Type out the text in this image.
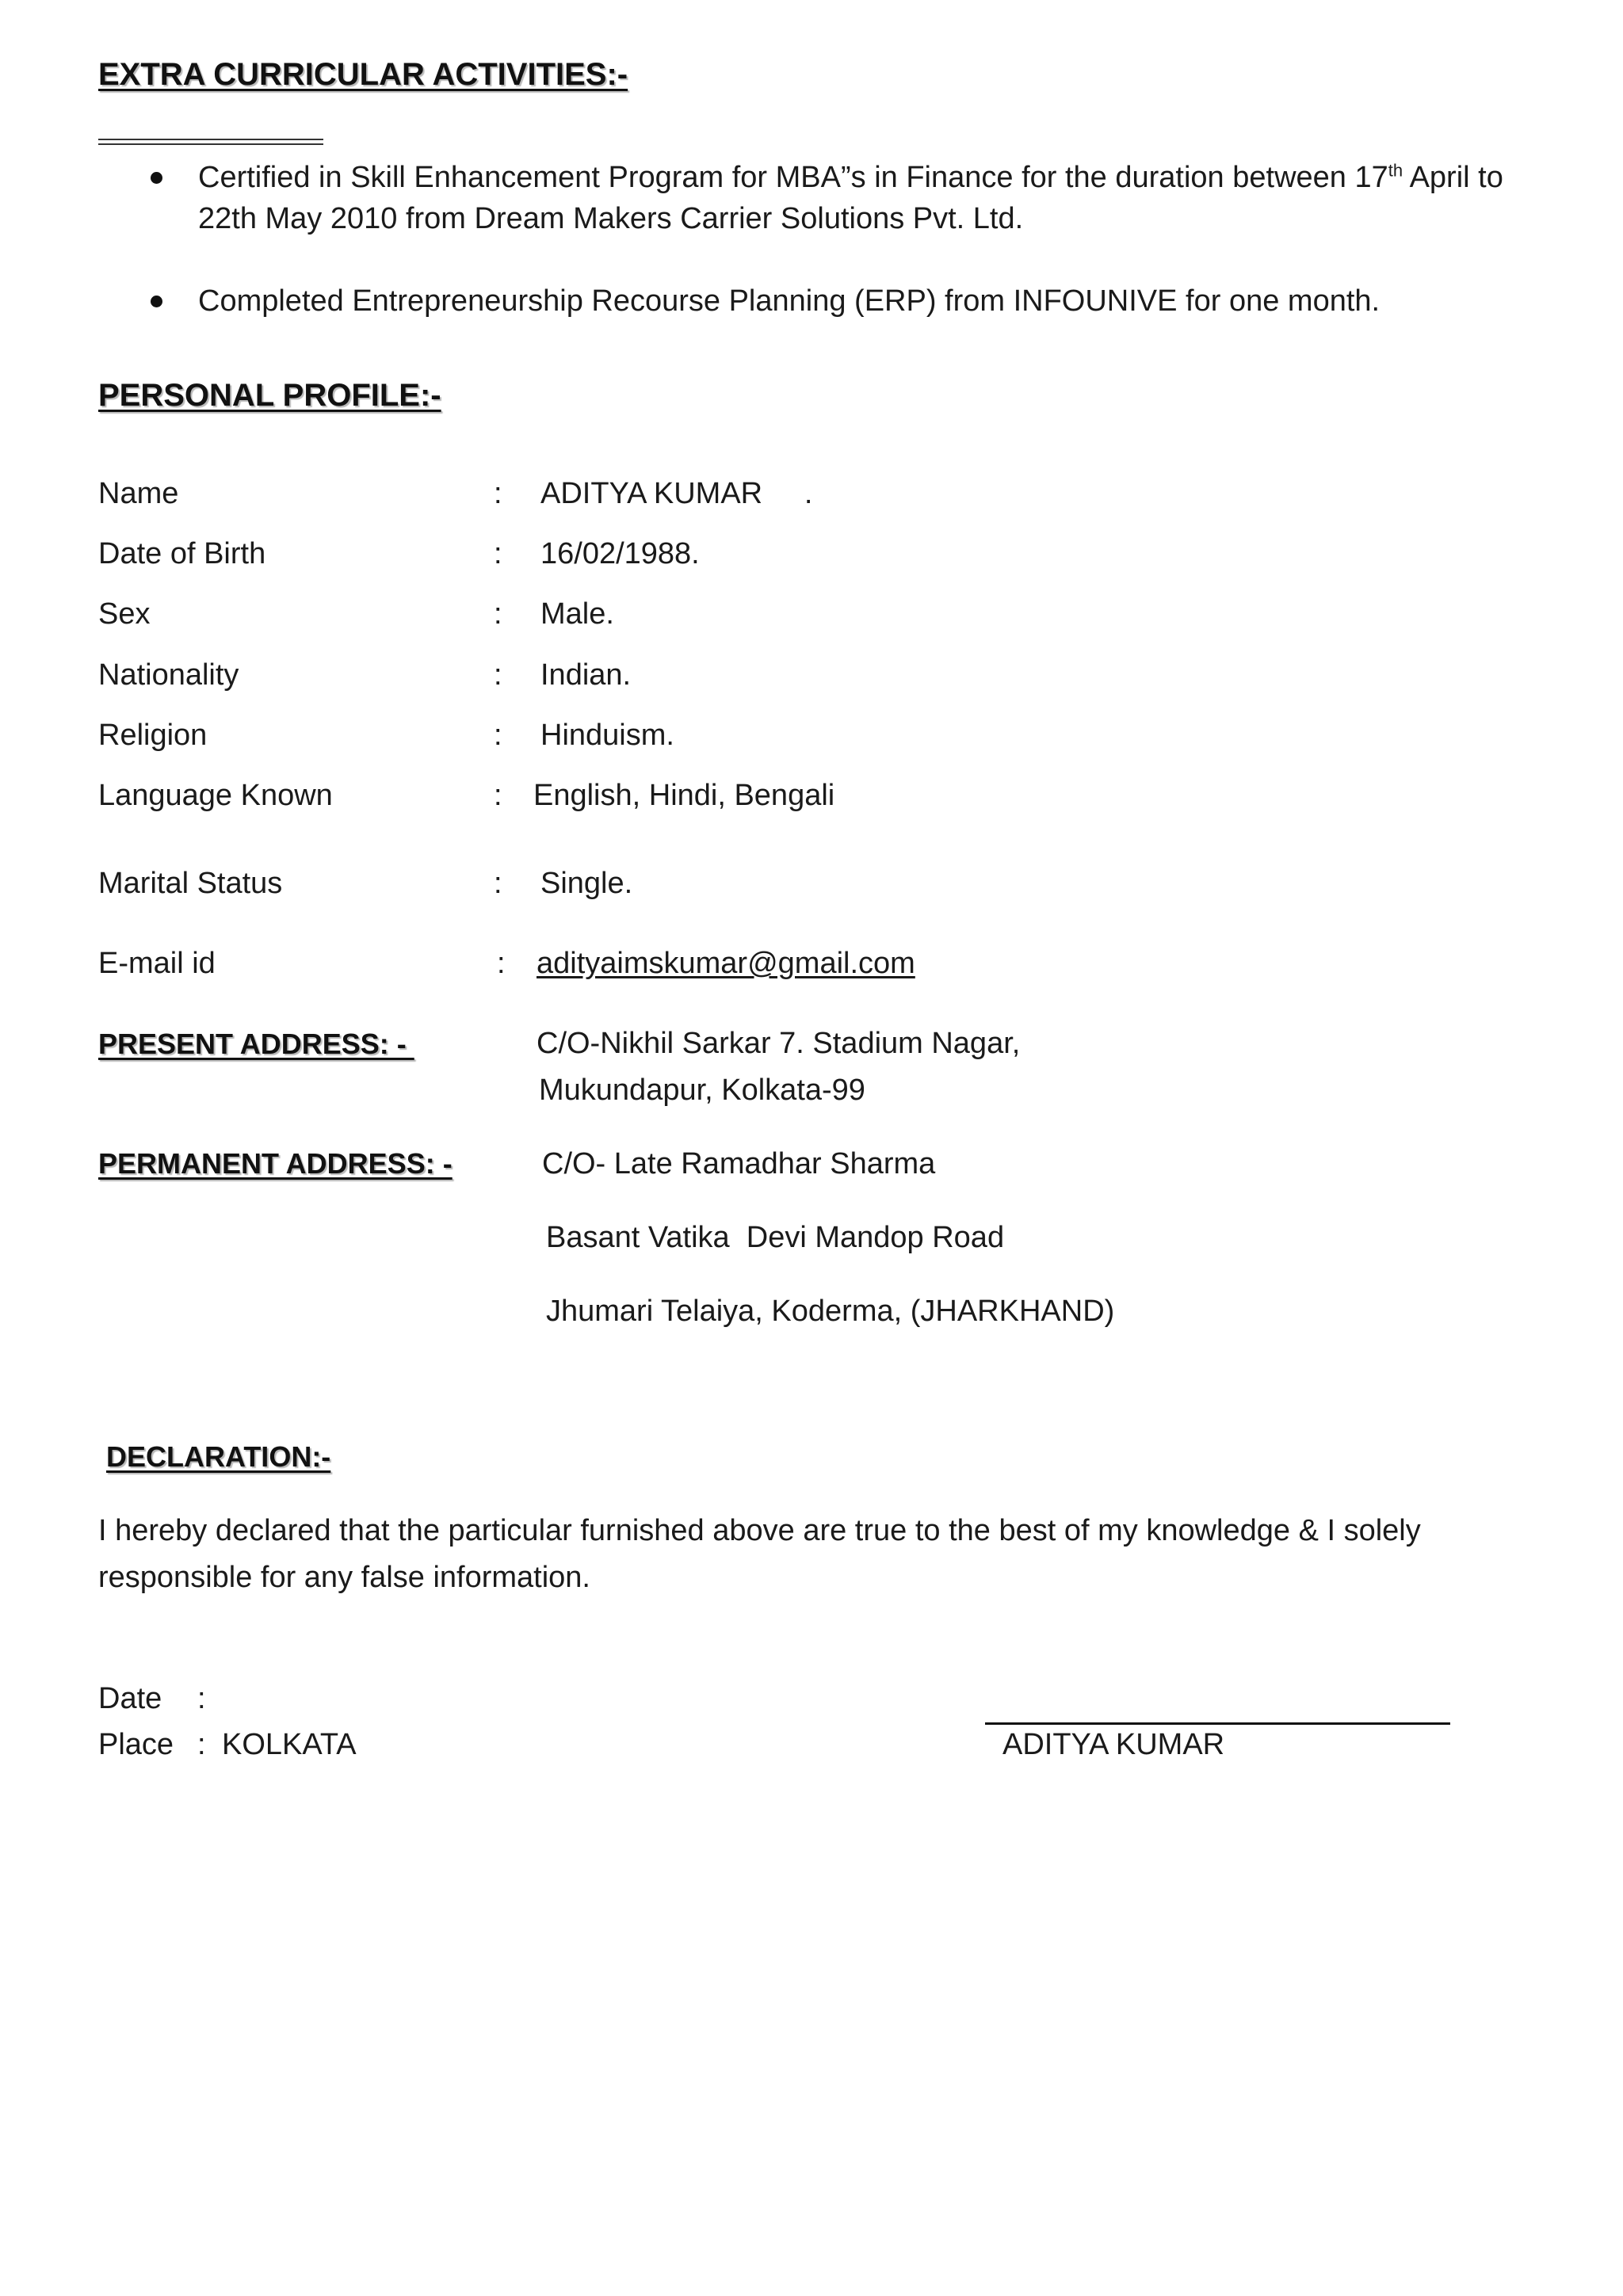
EXTRA CURRICULAR ACTIVITIES:-
Certified in Skill Enhancement Program for MBA”s in Finance for the duration between 17th April to 22th May 2010 from Dream Makers Carrier Solutions Pvt. Ltd.
Completed Entrepreneurship Recourse Planning (ERP) from INFOUNIVE for one month.
PERSONAL PROFILE:-
Name	: ADITYA KUMAR     .
Date of Birth	: 16/02/1988.
Sex	: Male.
Nationality	: Indian.
Religion	: Hinduism.
Language Known	: English, Hindi, Bengali
Marital Status	: Single.
E-mail id	: adityaimskumar@gmail.com
PRESENT ADDRESS: -	C/O-Nikhil Sarkar 7. Stadium Nagar,
Mukundapur, Kolkata-99
PERMANENT ADDRESS: -	C/O- Late Ramadhar Sharma
Basant Vatika  Devi Mandop Road
Jhumari Telaiya, Koderma, (JHARKHAND)
DECLARATION:-
I hereby declared that the particular furnished above are true to the best of my knowledge & I solely
responsible for any false information.
Date :
Place : KOLKATA	ADITYA KUMAR
